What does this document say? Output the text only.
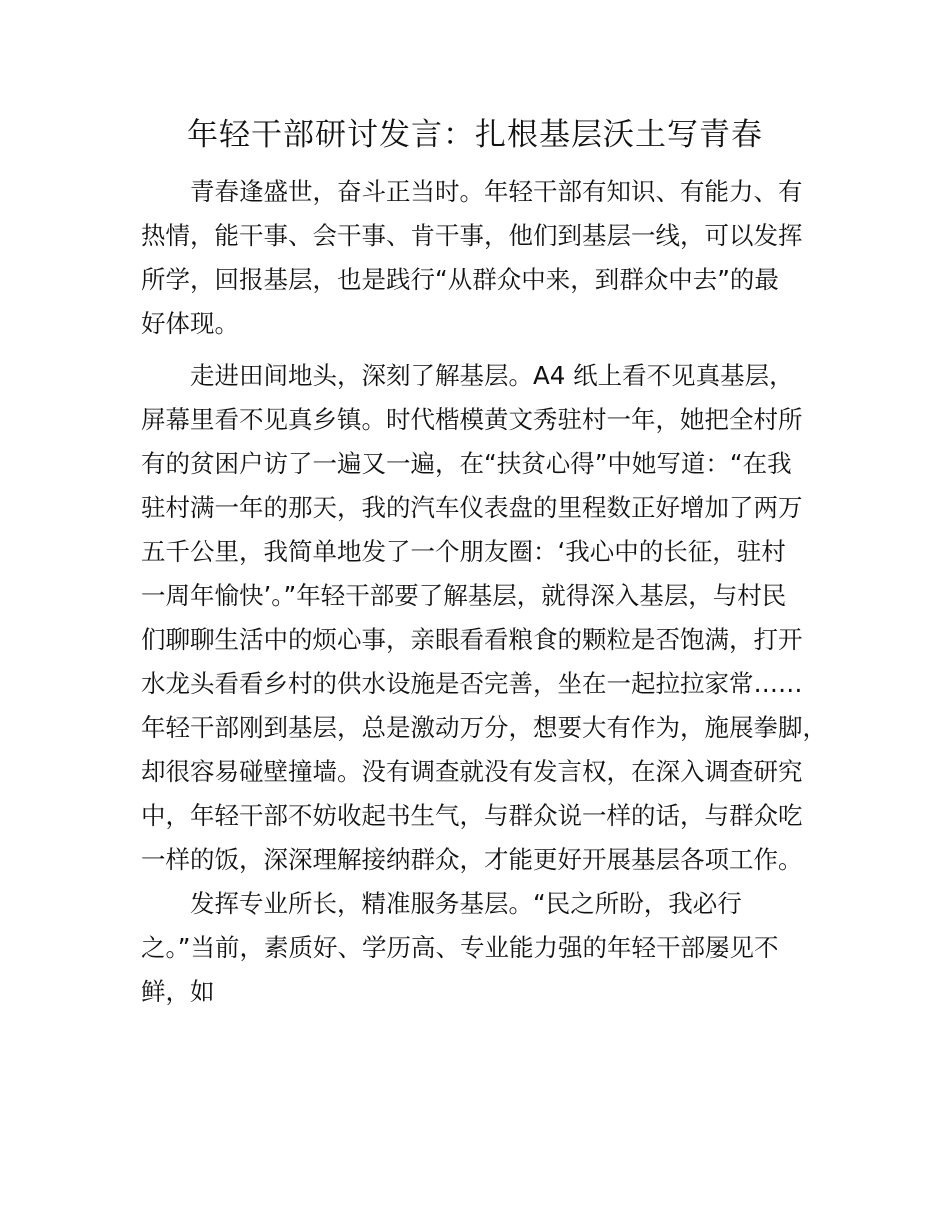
年轻干部研讨发言：扎根基层沃土写青春
青春逢盛世，奋斗正当时。年轻干部有知识、有能力、有
热情，能干事、会干事、肯干事，他们到基层一线，可以发挥
所学，回报基层，也是践行“从群众中来，到群众中去”的最
好体现。
走进田间地头，深刻了解基层。A4 纸上看不见真基层，
屏幕里看不见真乡镇。时代楷模黄文秀驻村一年，她把全村所
有的贫困户访了一遍又一遍，在“扶贫心得”中她写道：“在我
驻村满一年的那天，我的汽车仪表盘的里程数正好增加了两万
五千公里，我简单地发了一个朋友圈：‘我心中的长征，驻村
一周年愉快’。”年轻干部要了解基层，就得深入基层，与村民
们聊聊生活中的烦心事，亲眼看看粮食的颗粒是否饱满，打开
水龙头看看乡村的供水设施是否完善，坐在一起拉拉家常……
年轻干部刚到基层，总是激动万分，想要大有作为，施展拳脚，
却很容易碰壁撞墙。没有调查就没有发言权，在深入调查研究
中，年轻干部不妨收起书生气，与群众说一样的话，与群众吃
一样的饭，深深理解接纳群众，才能更好开展基层各项工作。
发挥专业所长，精准服务基层。“民之所盼，我必行
之。”当前，素质好、学历高、专业能力强的年轻干部屡见不
鲜，如
